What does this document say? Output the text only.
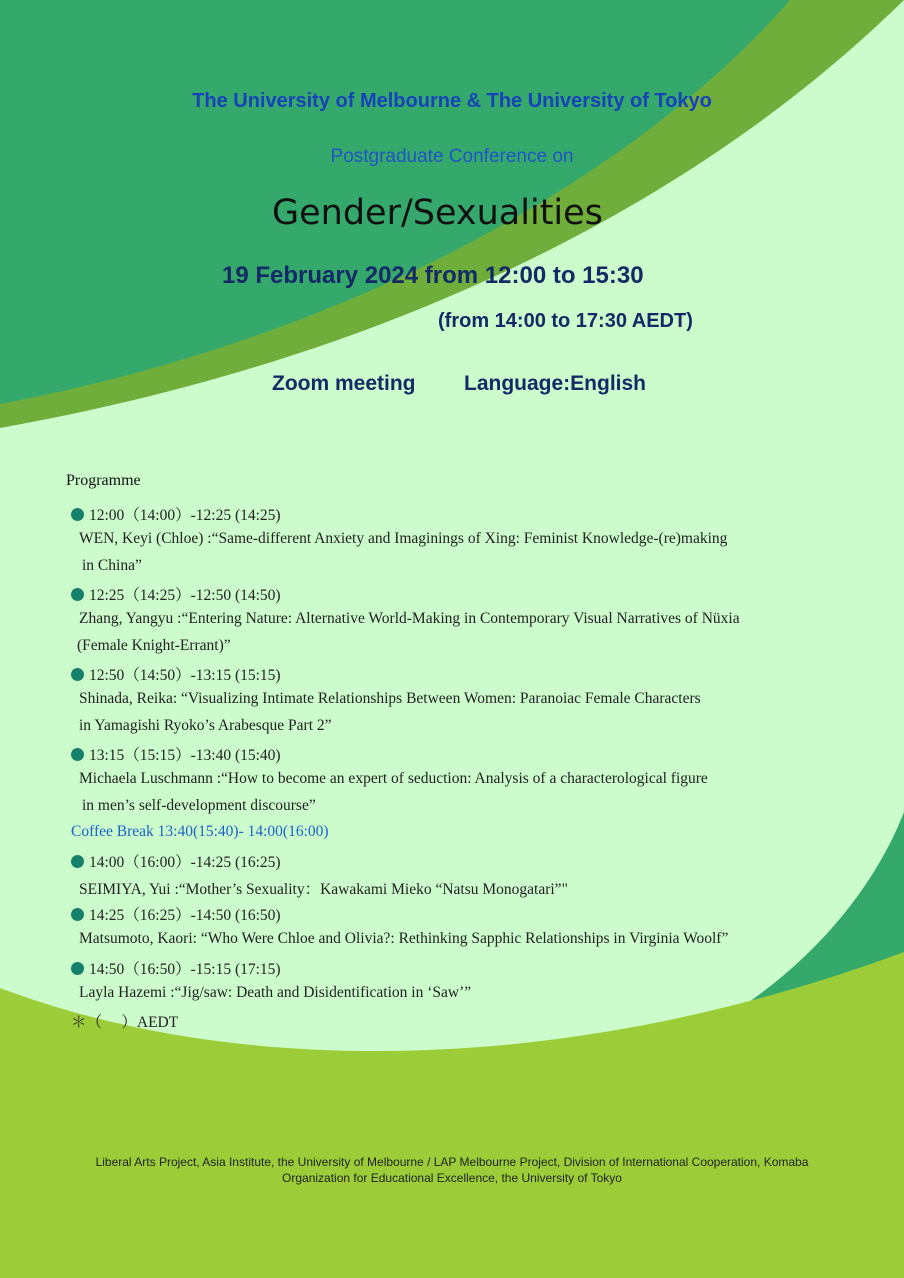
The University of Melbourne & The University of Tokyo
Postgraduate Conference on
Gender/Sexualities
19 February 2024 from 12:00 to 15:30
(from 14:00 to 17:30 AEDT)
Zoom meeting Language:English
Programme
12:00（14:00）-12:25 (14:25)
WEN, Keyi (Chloe) :“Same-different Anxiety and Imaginings of Xing: Feminist Knowledge-(re)making
in China”
12:25（14:25）-12:50 (14:50)
Zhang, Yangyu :“Entering Nature: Alternative World-Making in Contemporary Visual Narratives of Nüxia
(Female Knight-Errant)”
12:50（14:50）-13:15 (15:15)
Shinada, Reika: “Visualizing Intimate Relationships Between Women: Paranoiac Female Characters
in Yamagishi Ryoko’s Arabesque Part 2”
13:15（15:15）-13:40 (15:40)
Michaela Luschmann :“How to become an expert of seduction: Analysis of a characterological figure
in men’s self-development discourse”
Coffee Break 13:40(15:40)- 14:00(16:00)
14:00（16:00）-14:25 (16:25)
SEIMIYA, Yui :“Mother’s Sexuality：Kawakami Mieko “Natsu Monogatari”"
14:25（16:25）-14:50 (16:50)
Matsumoto, Kaori: “Who Were Chloe and Olivia?: Rethinking Sapphic Relationships in Virginia Woolf”
14:50（16:50）-15:15 (17:15)
Layla Hazemi :“Jig/saw: Death and Disidentification in ‘Saw’”
＊（　 ）AEDT
Liberal Arts Project, Asia Institute, the University of Melbourne / LAP Melbourne Project, Division of International Cooperation, Komaba
Organization for Educational Excellence, the University of Tokyo
